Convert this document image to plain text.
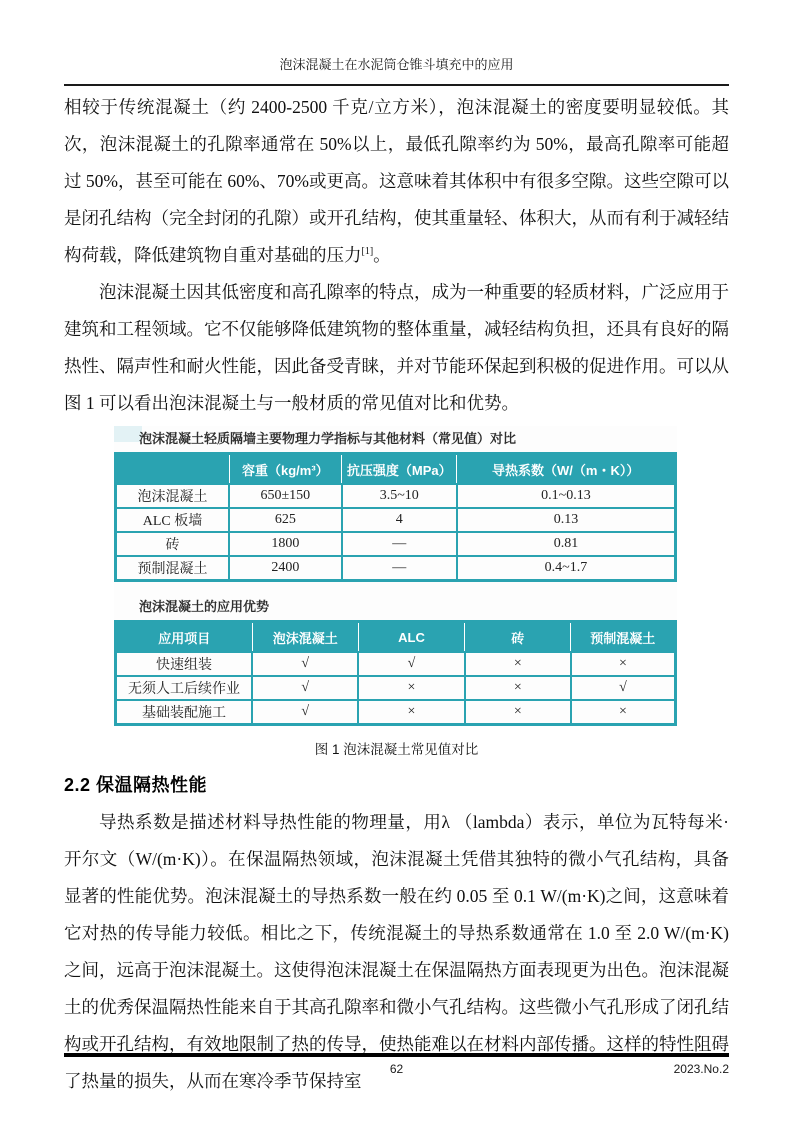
泡沫混凝土在水泥筒仓锥斗填充中的应用

相较于传统混凝土（约 2400-2500 千克/立方米），泡沫混凝土的密度要明显较低。其次，泡沫混凝土的孔隙率通常在 50%以上，最低孔隙率约为 50%，最高孔隙率可能超过 50%，甚至可能在 60%、70%或更高。这意味着其体积中有很多空隙。这些空隙可以是闭孔结构（完全封闭的孔隙）或开孔结构，使其重量轻、体积大，从而有利于减轻结构荷载，降低建筑物自重对基础的压力[1]。

泡沫混凝土因其低密度和高孔隙率的特点，成为一种重要的轻质材料，广泛应用于建筑和工程领域。它不仅能够降低建筑物的整体重量，减轻结构负担，还具有良好的隔热性、隔声性和耐火性能，因此备受青睐，并对节能环保起到积极的促进作用。可以从图 1 可以看出泡沫混凝土与一般材质的常见值对比和优势。

泡沫混凝土轻质隔墙主要物理力学指标与其他材料（常见值）对比
	容重（kg/m³）	抗压强度（MPa）	导热系数（W/（m・K））
泡沫混凝土	650±150	3.5~10	0.1~0.13
ALC 板墙	625	4	0.13
砖	1800	—	0.81
预制混凝土	2400	—	0.4~1.7
泡沫混凝土的应用优势
应用项目	泡沫混凝土	ALC	砖	预制混凝土
快速组装	√	√	×	×
无须人工后续作业	√	×	×	√
基础装配施工	√	×	×	×
图 1 泡沫混凝土常见值对比
2.2 保温隔热性能

导热系数是描述材料导热性能的物理量，用λ （lambda）表示，单位为瓦特每米·开尔文（W/(m·K)）。在保温隔热领域，泡沫混凝土凭借其独特的微小气孔结构，具备显著的性能优势。泡沫混凝土的导热系数一般在约 0.05 至 0.1 W/(m·K)之间，这意味着它对热的传导能力较低。相比之下，传统混凝土的导热系数通常在 1.0 至 2.0 W/(m·K)之间，远高于泡沫混凝土。这使得泡沫混凝土在保温隔热方面表现更为出色。泡沫混凝土的优秀保温隔热性能来自于其高孔隙率和微小气孔结构。这些微小气孔形成了闭孔结构或开孔结构，有效地限制了热的传导，使热能难以在材料内部传播。这样的特性阻碍了热量的损失，从而在寒冷季节保持室

62	2023.No.2
